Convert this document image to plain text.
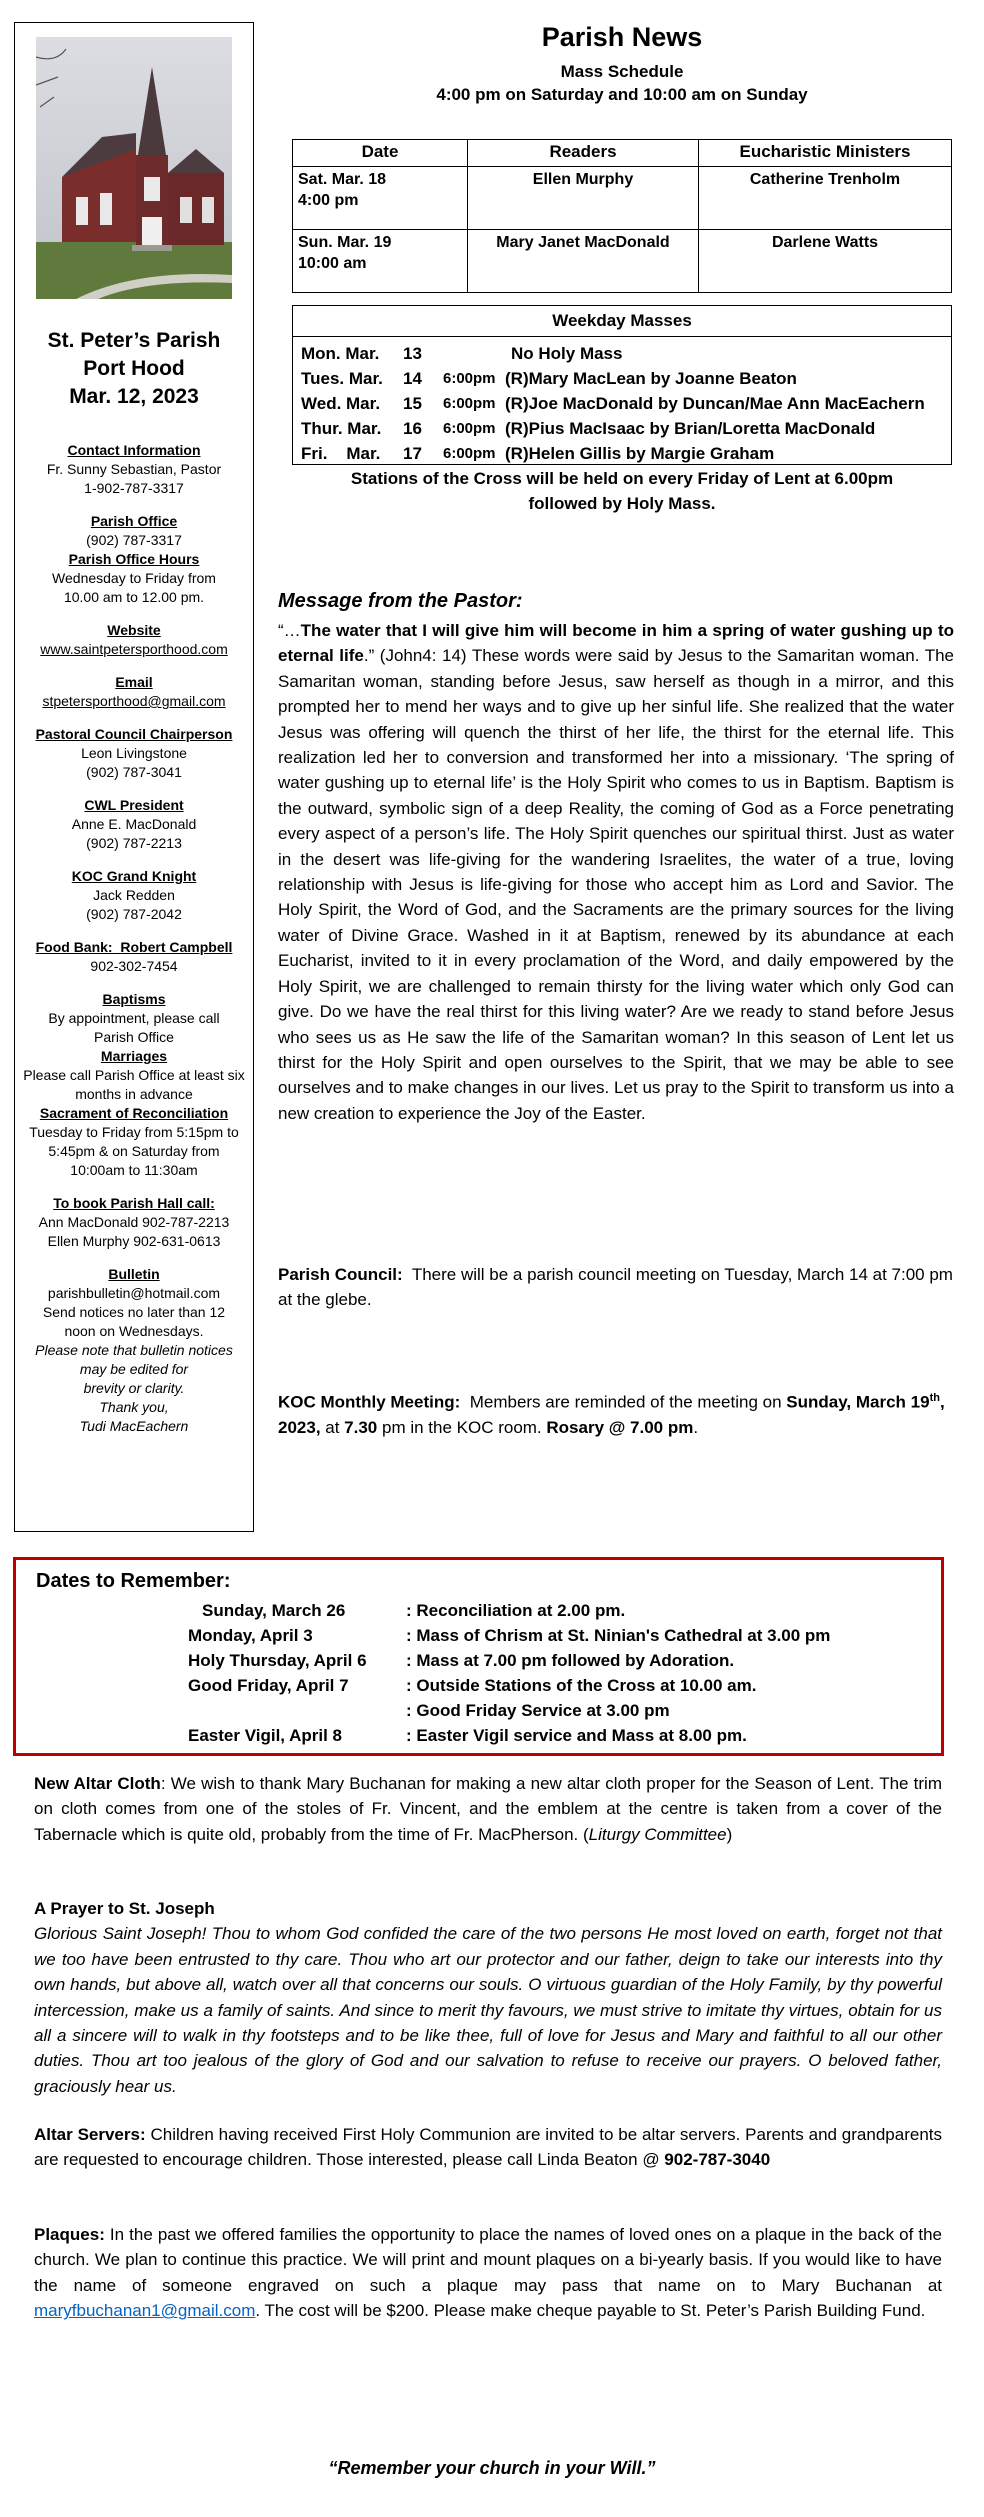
St. Peter’s Parish
Port Hood
Mar. 12, 2023
Contact Information
Fr. Sunny Sebastian, Pastor
1-902-787-3317
Parish Office
(902) 787-3317
Parish Office Hours
Wednesday to Friday from
10.00 am to 12.00 pm.
Website
www.saintpetersporthood.com
Email
stpetersporthood@gmail.com
Pastoral Council Chairperson
Leon Livingstone
(902) 787-3041
CWL President
Anne E. MacDonald
(902) 787-2213
KOC Grand Knight
Jack Redden
(902) 787-2042
Food Bank: Robert Campbell
902-302-7454
Baptisms
By appointment, please call
Parish Office
Marriages
Please call Parish Office at least six
months in advance
Sacrament of Reconciliation
Tuesday to Friday from 5:15pm to
5:45pm & on Saturday from
10:00am to 11:30am
To book Parish Hall call:
Ann MacDonald 902-787-2213
Ellen Murphy 902-631-0613
Bulletin
parishbulletin@hotmail.com
Send notices no later than 12
noon on Wednesdays.
Please note that bulletin notices
may be edited for
brevity or clarity.
Thank you,
Tudi MacEachern
Parish News
Mass Schedule
4:00 pm on Saturday and 10:00 am on Sunday
Date	Readers	Eucharistic Ministers

Sat. Mar. 18
4:00 pm	Ellen Murphy	Catherine Trenholm

Sun. Mar. 19
10:00 am	Mary Janet MacDonald	Darlene Watts
Weekday Masses
Mon. Mar. 13	No Holy Mass
Tues. Mar. 14 6:00pm (R)Mary MacLean by Joanne Beaton
Wed. Mar. 15 6:00pm (R)Joe MacDonald by Duncan/Mae Ann MacEachern
Thur. Mar. 16 6:00pm (R)Pius MacIsaac by Brian/Loretta MacDonald
Fri.    Mar. 17 6:00pm (R)Helen Gillis by Margie Graham
Stations of the Cross will be held on every Friday of Lent at 6.00pm
followed by Holy Mass.
Message from the Pastor:
“…The water that I will give him will become in him a spring of water gushing up to eternal life.” (John4: 14) These words were said by Jesus to the Samaritan woman. The Samaritan woman, standing before Jesus, saw herself as though in a mirror, and this prompted her to mend her ways and to give up her sinful life. She realized that the water Jesus was offering will quench the thirst of her life, the thirst for the eternal life. This realization led her to conversion and transformed her into a missionary. ‘The spring of water gushing up to eternal life’ is the Holy Spirit who comes to us in Baptism. Baptism is the outward, symbolic sign of a deep Reality, the coming of God as a Force penetrating every aspect of a person’s life. The Holy Spirit quenches our spiritual thirst. Just as water in the desert was life-giving for the wandering Israelites, the water of a true, loving relationship with Jesus is life-giving for those who accept him as Lord and Savior. The Holy Spirit, the Word of God, and the Sacraments are the primary sources for the living water of Divine Grace. Washed in it at Baptism, renewed by its abundance at each Eucharist, invited to it in every proclamation of the Word, and daily empowered by the Holy Spirit, we are challenged to remain thirsty for the living water which only God can give. Do we have the real thirst for this living water? Are we ready to stand before Jesus who sees us as He saw the life of the Samaritan woman? In this season of Lent let us thirst for the Holy Spirit and open ourselves to the Spirit, that we may be able to see ourselves and to make changes in our lives. Let us pray to the Spirit to transform us into a new creation to experience the Joy of the Easter.
Parish Council:  There will be a parish council meeting on Tuesday, March 14 at 7:00 pm at the glebe.
KOC Monthly Meeting:  Members are reminded of the meeting on Sunday, March 19th, 2023, at 7.30 pm in the KOC room. Rosary @ 7.00 pm.
Dates to Remember:
Sunday, March 26	: Reconciliation at 2.00 pm.
Monday, April 3	: Mass of Chrism at St. Ninian's Cathedral at 3.00 pm
Holy Thursday, April 6 : Mass at 7.00 pm followed by Adoration.
Good Friday, April 7	: Outside Stations of the Cross at 10.00 am.
: Good Friday Service at 3.00 pm
Easter Vigil, April 8	: Easter Vigil service and Mass at 8.00 pm.
New Altar Cloth: We wish to thank Mary Buchanan for making a new altar cloth proper for the Season of Lent. The trim on cloth comes from one of the stoles of Fr. Vincent, and the emblem at the centre is taken from a cover of the Tabernacle which is quite old, probably from the time of Fr. MacPherson. (Liturgy Committee)
A Prayer to St. Joseph
Glorious Saint Joseph! Thou to whom God confided the care of the two persons He most loved on earth, forget not that we too have been entrusted to thy care. Thou who art our protector and our father, deign to take our interests into thy own hands, but above all, watch over all that concerns our souls. O virtuous guardian of the Holy Family, by thy powerful intercession, make us a family of saints. And since to merit thy favours, we must strive to imitate thy virtues, obtain for us all a sincere will to walk in thy footsteps and to be like thee, full of love for Jesus and Mary and faithful to all our other duties. Thou art too jealous of the glory of God and our salvation to refuse to receive our prayers. O beloved father, graciously hear us.
Altar Servers: Children having received First Holy Communion are invited to be altar servers. Parents and grandparents are requested to encourage children. Those interested, please call Linda Beaton @ 902-787-3040
Plaques: In the past we offered families the opportunity to place the names of loved ones on a plaque in the back of the church. We plan to continue this practice. We will print and mount plaques on a bi-yearly basis. If you would like to have the name of someone engraved on such a plaque may pass that name on to Mary Buchanan at maryfbuchanan1@gmail.com. The cost will be $200. Please make cheque payable to St. Peter’s Parish Building Fund.
“Remember your church in your Will.”
